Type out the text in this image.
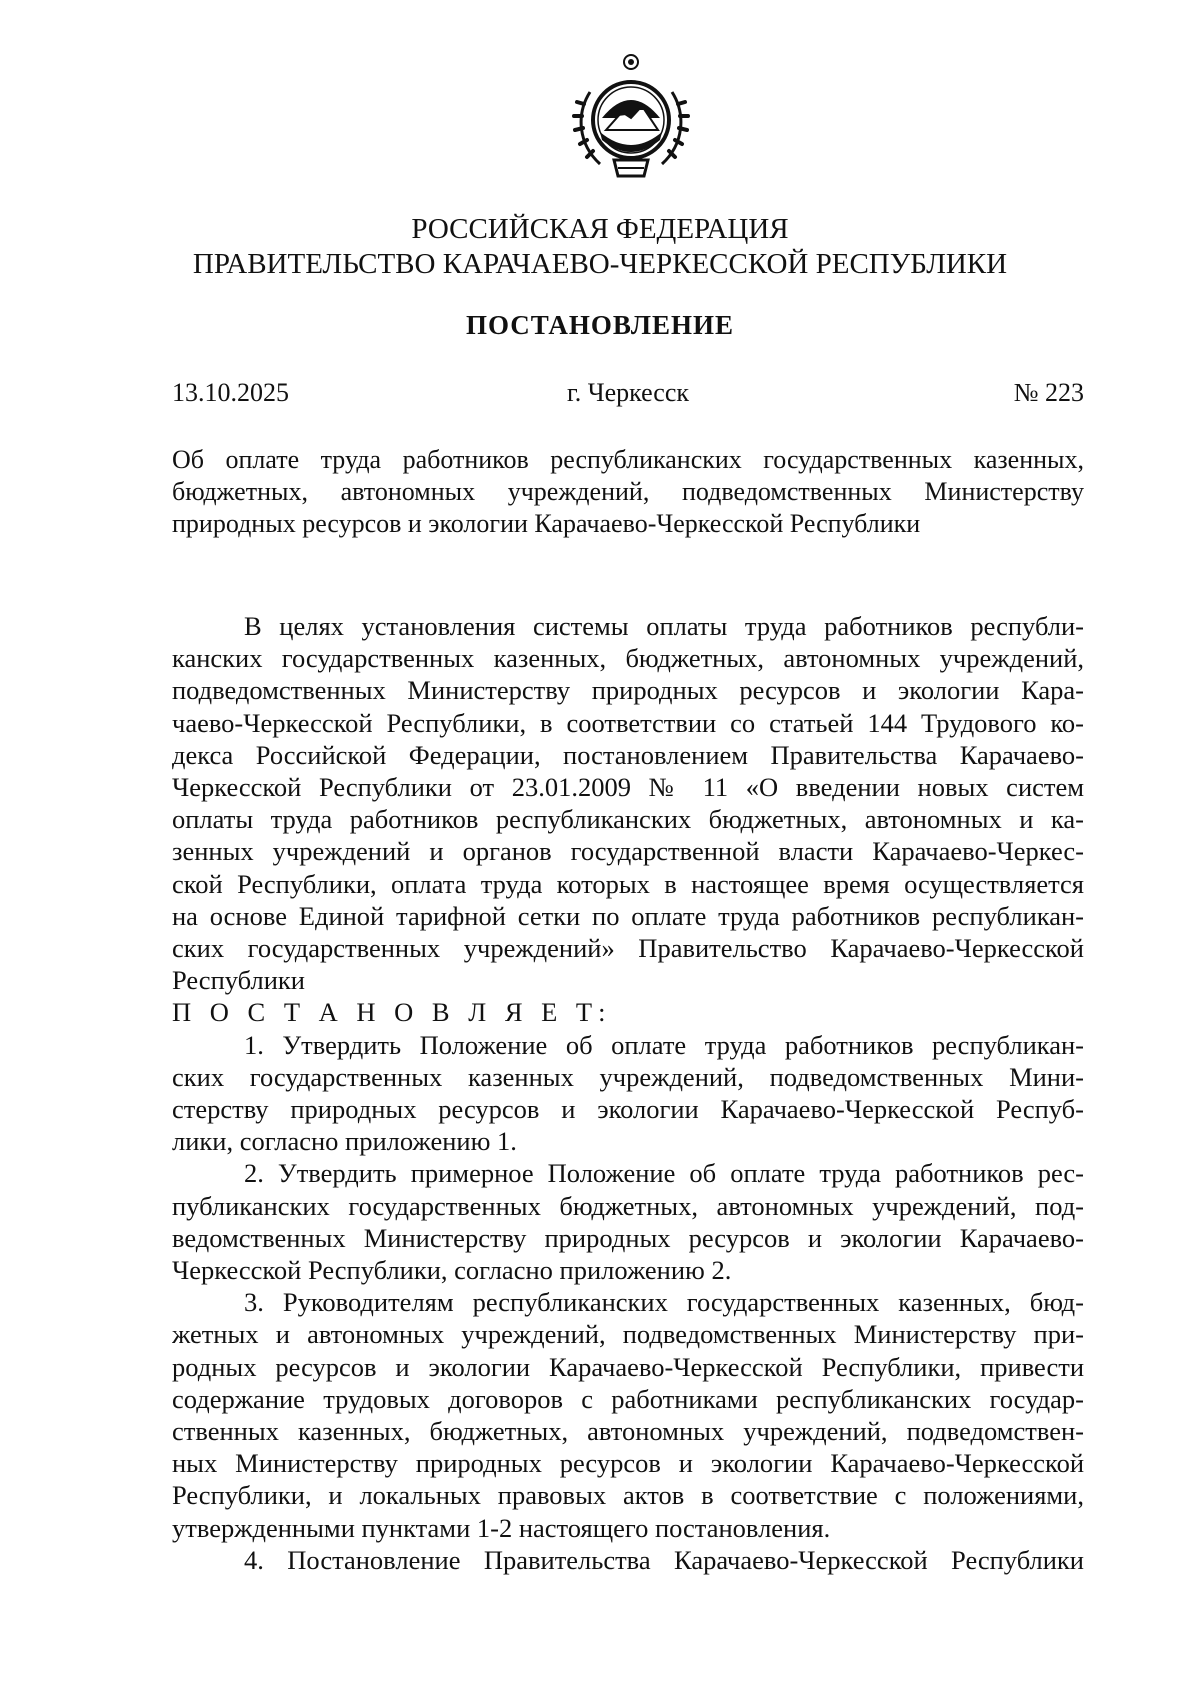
РОССИЙСКАЯ ФЕДЕРАЦИЯ
ПРАВИТЕЛЬСТВО КАРАЧАЕВО-ЧЕРКЕССКОЙ РЕСПУБЛИКИ
ПОСТАНОВЛЕНИЕ
г. Черкесск
13.10.2025	№ 223
Об оплате труда работников республиканских государственных казенных,
бюджетных, автономных учреждений, подведомственных Министерству
природных ресурсов и экологии Карачаево-Черкесской Республики
В целях установления системы оплаты труда работников республи-
канских государственных казенных, бюджетных, автономных учреждений,
подведомственных Министерству природных ресурсов и экологии Кара-
чаево-Черкесской Республики, в соответствии со статьей 144 Трудового ко-
декса Российской Федерации, постановлением Правительства Карачаево-
Черкесской Республики от 23.01.2009 № 11 «О введении новых систем
оплаты труда работников республиканских бюджетных, автономных и ка-
зенных учреждений и органов государственной власти Карачаево-Черкес-
ской Республики, оплата труда которых в настоящее время осуществляется
на основе Единой тарифной сетки по оплате труда работников республикан-
ских государственных учреждений» Правительство Карачаево-Черкесской
Республики
П О С Т А Н О В Л Я Е Т:
1. Утвердить Положение об оплате труда работников республикан-
ских государственных казенных учреждений, подведомственных Мини-
стерству природных ресурсов и экологии Карачаево-Черкесской Респуб-
лики, согласно приложению 1.
2. Утвердить примерное Положение об оплате труда работников рес-
публиканских государственных бюджетных, автономных учреждений, под-
ведомственных Министерству природных ресурсов и экологии Карачаево-
Черкесской Республики, согласно приложению 2.
3. Руководителям республиканских государственных казенных, бюд-
жетных и автономных учреждений, подведомственных Министерству при-
родных ресурсов и экологии Карачаево-Черкесской Республики, привести
содержание трудовых договоров с работниками республиканских государ-
ственных казенных, бюджетных, автономных учреждений, подведомствен-
ных Министерству природных ресурсов и экологии Карачаево-Черкесской
Республики, и локальных правовых актов в соответствие с положениями,
утвержденными пунктами 1-2 настоящего постановления.
4. Постановление Правительства Карачаево-Черкесской Республики
